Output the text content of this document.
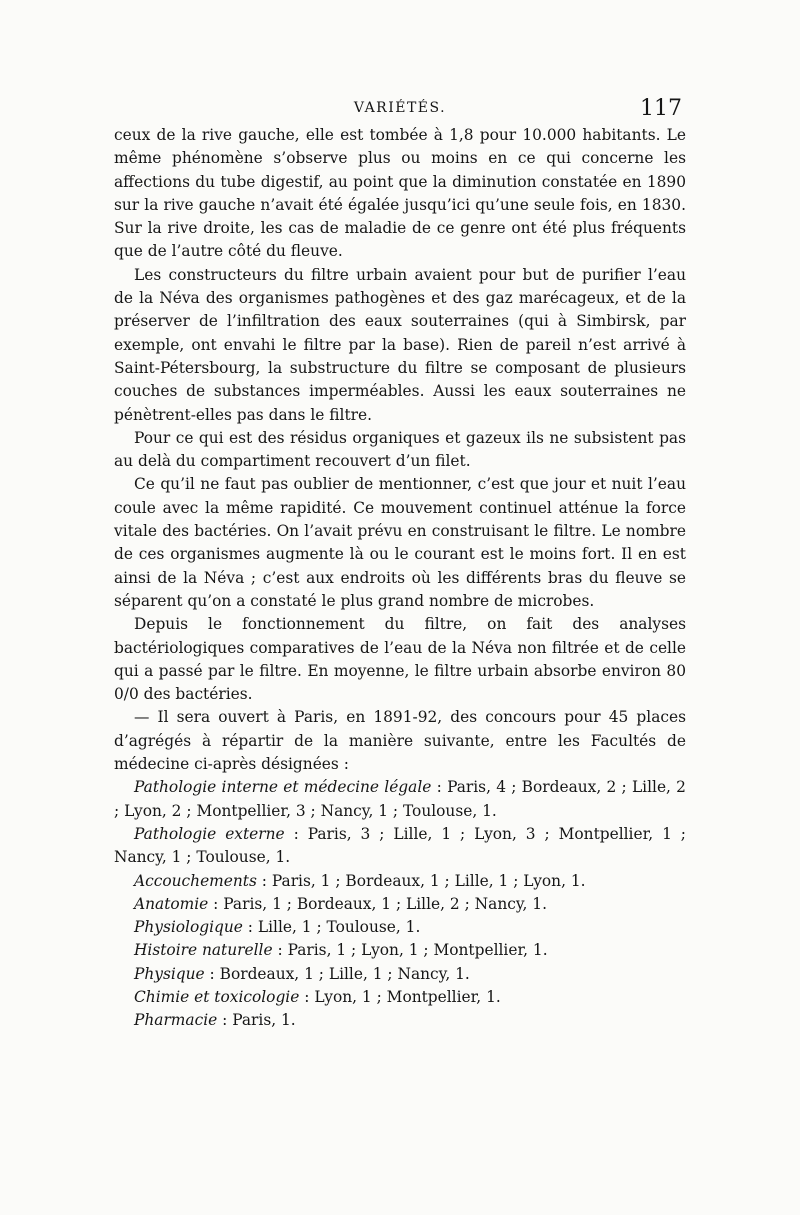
VARIÉTÉS.	117

ceux de la rive gauche, elle est tombée à 1,8 pour 10.000 habitants. Le même phénomène s’observe plus ou moins en ce qui concerne les affections du tube digestif, au point que la diminution constatée en 1890 sur la rive gauche n’avait été égalée jusqu’ici qu’une seule fois, en 1830. Sur la rive droite, les cas de maladie de ce genre ont été plus fréquents que de l’autre côté du fleuve.

Les constructeurs du filtre urbain avaient pour but de purifier l’eau de la Néva des organismes pathogènes et des gaz marécageux, et de la préserver de l’infiltration des eaux souterraines (qui à Simbirsk, par exemple, ont envahi le filtre par la base). Rien de pareil n’est arrivé à Saint-Pétersbourg, la substructure du filtre se composant de plusieurs couches de substances imperméables. Aussi les eaux souterraines ne pénètrent-elles pas dans le filtre.

Pour ce qui est des résidus organiques et gazeux ils ne subsistent pas au delà du compartiment recouvert d’un filet.

Ce qu’il ne faut pas oublier de mentionner, c’est que jour et nuit l’eau coule avec la même rapidité. Ce mouvement continuel atténue la force vitale des bactéries. On l’avait prévu en construisant le filtre. Le nombre de ces organismes augmente là ou le courant est le moins fort. Il en est ainsi de la Néva ; c’est aux endroits où les différents bras du fleuve se séparent qu’on a constaté le plus grand nombre de microbes.

Depuis le fonctionnement du filtre, on fait des analyses bactériologiques comparatives de l’eau de la Néva non filtrée et de celle qui a passé par le filtre. En moyenne, le filtre urbain absorbe environ 80 0/0 des bactéries.

— Il sera ouvert à Paris, en 1891-92, des concours pour 45 places d’agrégés à répartir de la manière suivante, entre les Facultés de médecine ci-après désignées :

Pathologie interne et médecine légale : Paris, 4 ; Bordeaux, 2 ; Lille, 2 ; Lyon, 2 ; Montpellier, 3 ; Nancy, 1 ; Toulouse, 1.

Pathologie externe : Paris, 3 ; Lille, 1 ; Lyon, 3 ; Montpellier, 1 ; Nancy, 1 ; Toulouse, 1.

Accouchements : Paris, 1 ; Bordeaux, 1 ; Lille, 1 ; Lyon, 1.

Anatomie : Paris, 1 ; Bordeaux, 1 ; Lille, 2 ; Nancy, 1.

Physiologique : Lille, 1 ; Toulouse, 1.

Histoire naturelle : Paris, 1 ; Lyon, 1 ; Montpellier, 1.

Physique : Bordeaux, 1 ; Lille, 1 ; Nancy, 1.

Chimie et toxicologie : Lyon, 1 ; Montpellier, 1.

Pharmacie : Paris, 1.
